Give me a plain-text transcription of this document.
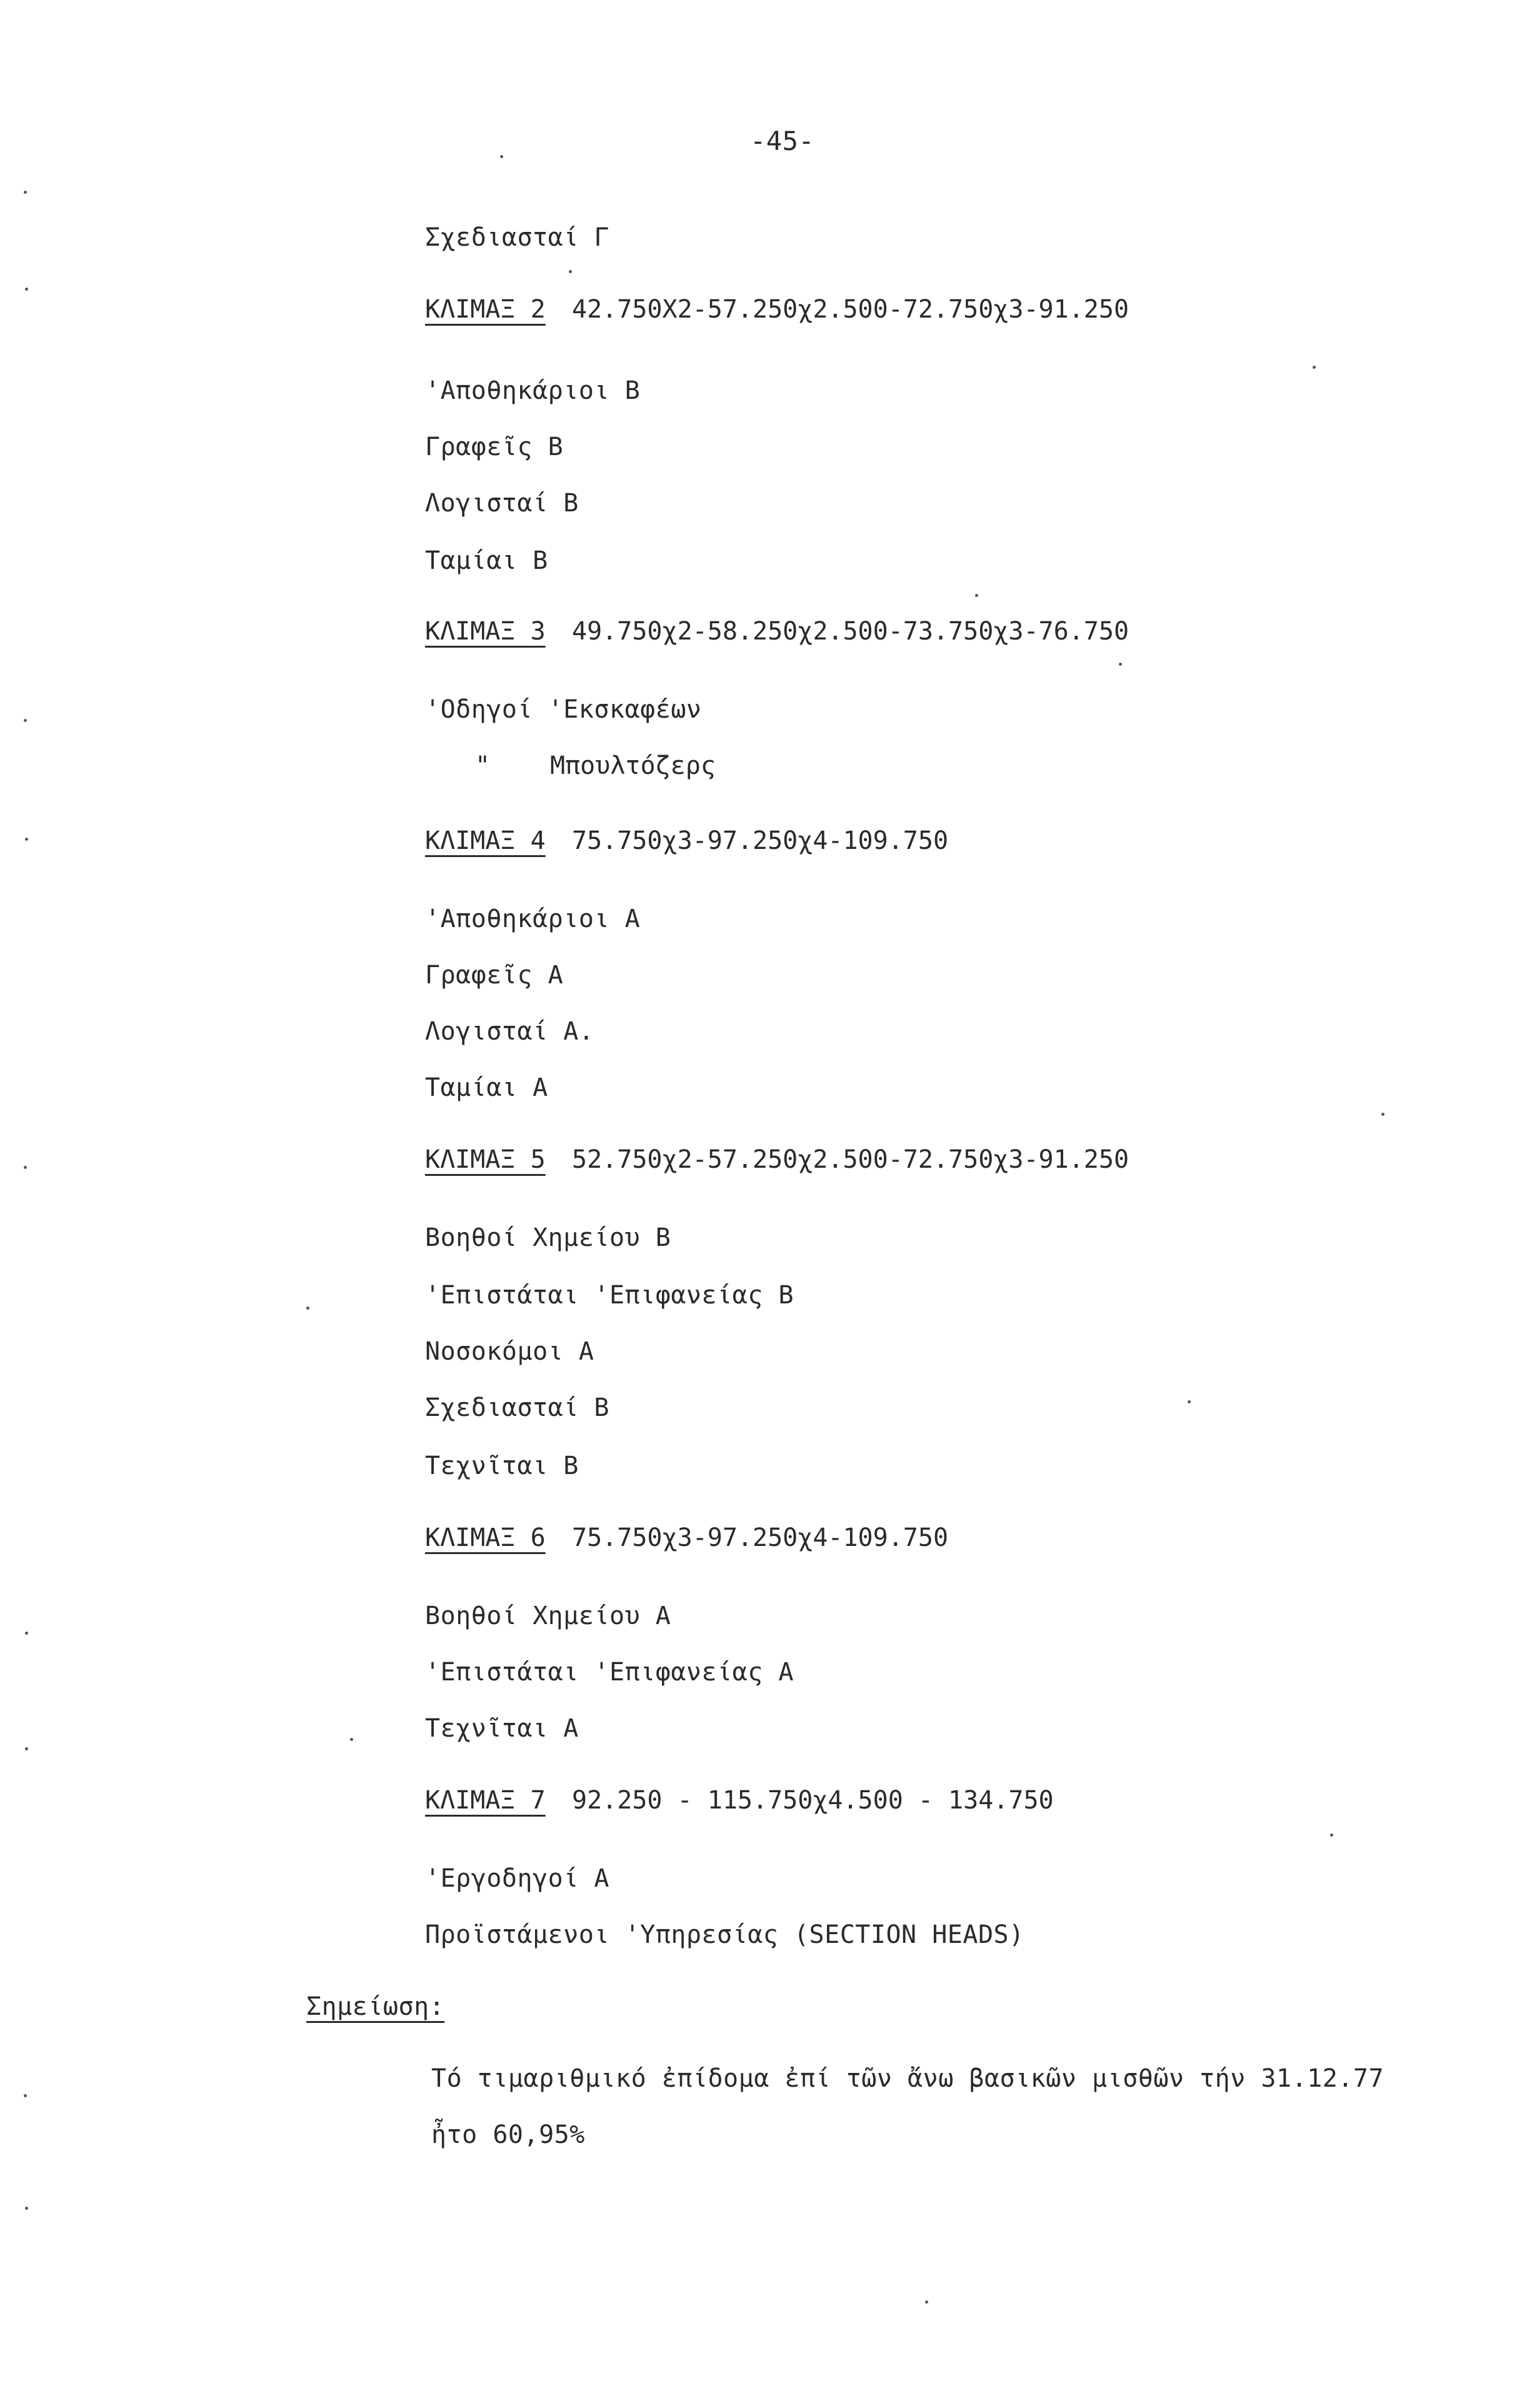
-45-
Σχεδιασταί Γ
ΚΛΙΜΑΞ 2	42.750Χ2-57.250χ2.500-72.750χ3-91.250
'Αποθηκάριοι Β
Γραφεῖς Β
Λογισταί Β
Ταμίαι Β
ΚΛΙΜΑΞ 3	49.750χ2-58.250χ2.500-73.750χ3-76.750
'Οδηγοί 'Εκσκαφέων
" Μπουλτόζερς
ΚΛΙΜΑΞ 4	75.750χ3-97.250χ4-109.750
'Αποθηκάριοι Α
Γραφεῖς Α
Λογισταί Α.
Ταμίαι Α
ΚΛΙΜΑΞ 5	52.750χ2-57.250χ2.500-72.750χ3-91.250
Βοηθοί Χημείου Β
'Επιστάται 'Επιφανείας Β
Νοσοκόμοι Α
Σχεδιασταί Β
Τεχνῖται Β
ΚΛΙΜΑΞ 6	75.750χ3-97.250χ4-109.750
Βοηθοί Χημείου Α
'Επιστάται 'Επιφανείας Α
Τεχνῖται Α
ΚΛΙΜΑΞ 7	92.250 - 115.750χ4.500 - 134.750
'Εργοδηγοί Α
Προϊστάμενοι 'Υπηρεσίας (SECTION HEADS)
Σημείωση:
Τό τιμαριθμικό ἐπίδομα ἐπί τῶν ἄνω βασικῶν μισθῶν τήν 31.12.77
ἦτο 60,95%
